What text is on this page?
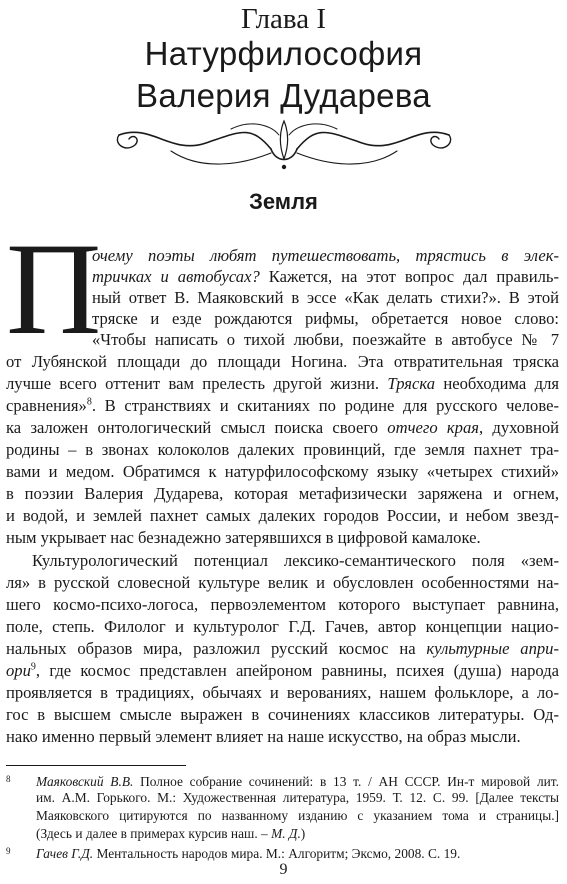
Глава I
Натурфилософия
Валерия Дударева
Земля
П
очему поэты любят путешествовать, трястись в элек-
тричках и автобусах? Кажется, на этот вопрос дал правиль-
ный ответ В. Маяковский в эссе «Как делать стихи?». В этой
тряске и езде рождаются рифмы, обретается новое слово:
«Чтобы написать о тихой любви, поезжайте в автобусе № 7
от Лубянской площади до площади Ногина. Эта отвратительная тряска
лучше всего оттенит вам прелесть другой жизни. Тряска необходима для
сравнения»$^8$. В странствиях и скитаниях по родине для русского челове-
ка заложен онтологический смысл поиска своего отчего края, духовной
родины – в звонах колоколов далеких провинций, где земля пахнет тра-
вами и медом. Обратимся к натурфилософскому языку «четырех стихий»
в поэзии Валерия Дударева, которая метафизически заряжена и огнем,
и водой, и землей пахнет самых далеких городов России, и небом звезд-
ным укрывает нас безнадежно затерявшихся в цифровой камалоке.
Культурологический потенциал лексико-семантического поля «зем-
ля» в русской словесной культуре велик и обусловлен особенностями на-
шего космо-психо-логоса, первоэлементом которого выступает равнина,
поле, степь. Филолог и культуролог Г.Д. Гачев, автор концепции нацио-
нальных образов мира, разложил русский космос на культурные апри-
ори$^9$, где космос представлен апейроном равнины, психея (душа) народа
проявляется в традициях, обычаях и верованиях, нашем фольклоре, а ло-
гос в высшем смысле выражен в сочинениях классиков литературы. Од-
нако именно первый элемент влияет на наше искусство, на образ мысли.
8 Маяковский В.В. Полное собрание сочинений: в 13 т. / АН СССР. Ин-т мировой лит.
им. А.М. Горького. М.: Художественная литература, 1959. Т. 12. С. 99. [Далее тексты
Маяковского цитируются по названному изданию с указанием тома и страницы.]
(Здесь и далее в примерах курсив наш. – М. Д.)
9 Гачев Г.Д. Ментальность народов мира. М.: Алгоритм; Эксмо, 2008. С. 19.
9
